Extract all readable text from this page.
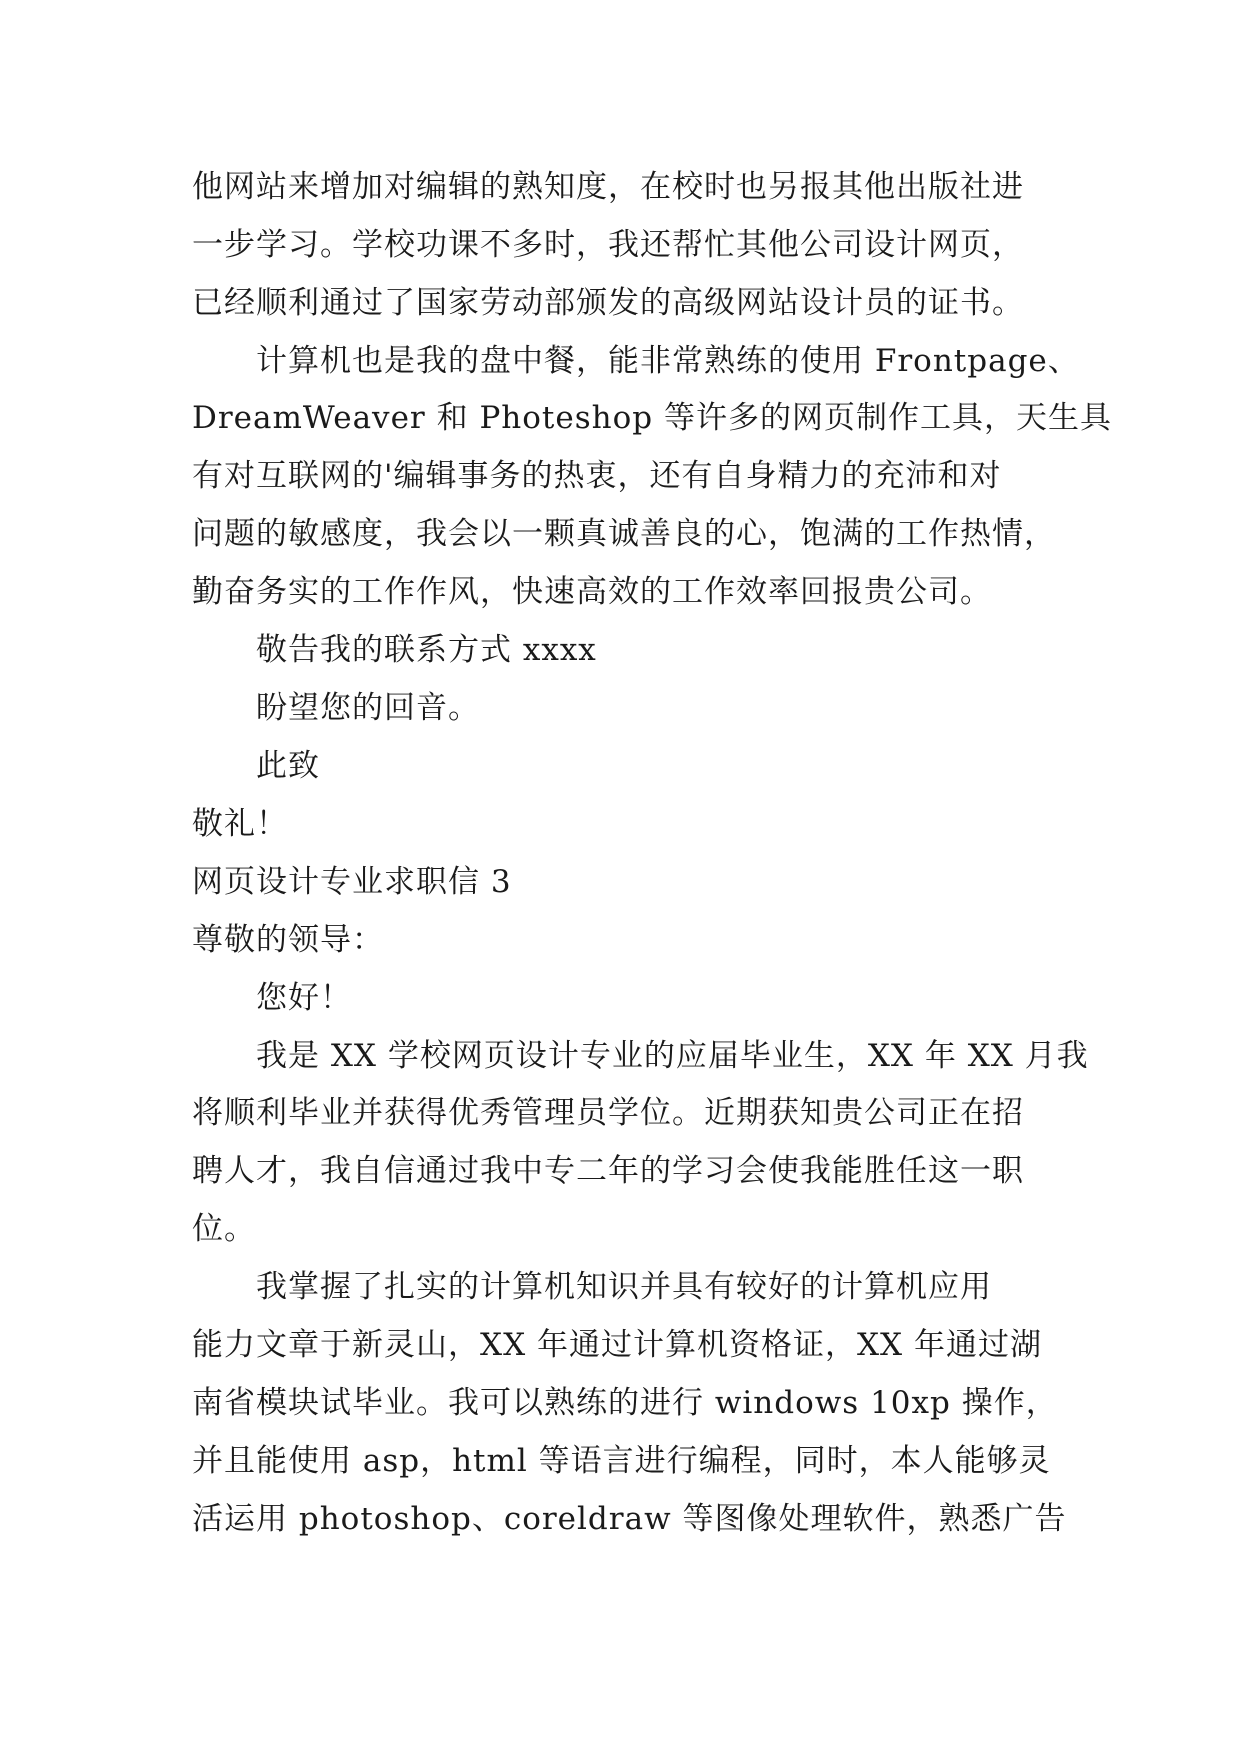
他网站来增加对编辑的熟知度，在校时也另报其他出版社进
一步学习。学校功课不多时，我还帮忙其他公司设计网页，
已经顺利通过了国家劳动部颁发的高级网站设计员的证书。
计算机也是我的盘中餐，能非常熟练的使用 Frontpage、
DreamWeaver 和 Photeshop 等许多的网页制作工具，天生具
有对互联网的'编辑事务的热衷，还有自身精力的充沛和对
问题的敏感度，我会以一颗真诚善良的心，饱满的工作热情，
勤奋务实的工作作风，快速高效的工作效率回报贵公司。
敬告我的联系方式 xxxx
盼望您的回音。
此致
敬礼！
网页设计专业求职信 3
尊敬的领导：
您好！
我是 XX 学校网页设计专业的应届毕业生，XX 年 XX 月我
将顺利毕业并获得优秀管理员学位。近期获知贵公司正在招
聘人才，我自信通过我中专二年的学习会使我能胜任这一职
位。
我掌握了扎实的计算机知识并具有较好的计算机应用
能力文章于新灵山，XX 年通过计算机资格证，XX 年通过湖
南省模块试毕业。我可以熟练的进行 windows 10xp 操作，
并且能使用 asp，html 等语言进行编程，同时，本人能够灵
活运用 photoshop、coreldraw 等图像处理软件，熟悉广告
